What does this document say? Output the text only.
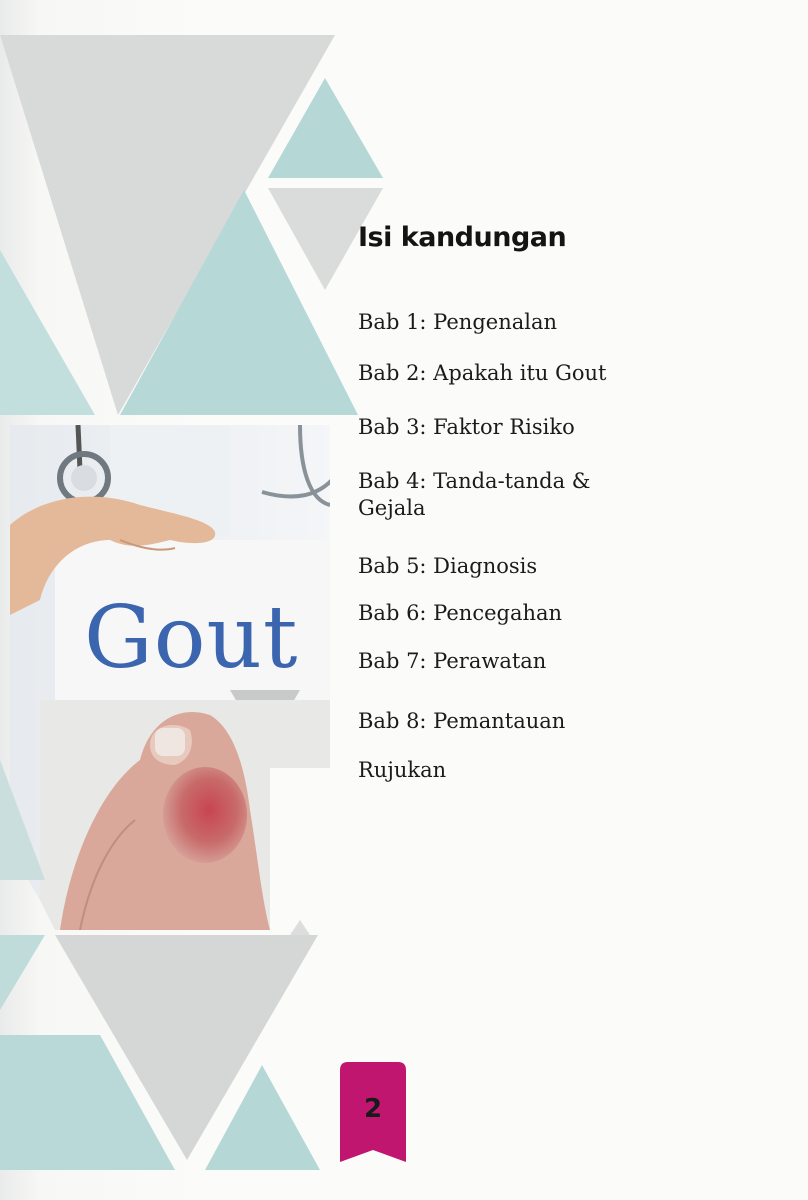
Gout
Isi kandungan
Bab 1: Pengenalan
Bab 2: Apakah itu Gout
Bab 3: Faktor Risiko
Bab 4: Tanda-tanda & Gejala
Bab 5: Diagnosis
Bab 6: Pencegahan
Bab 7: Perawatan
Bab 8: Pemantauan
Rujukan
2
